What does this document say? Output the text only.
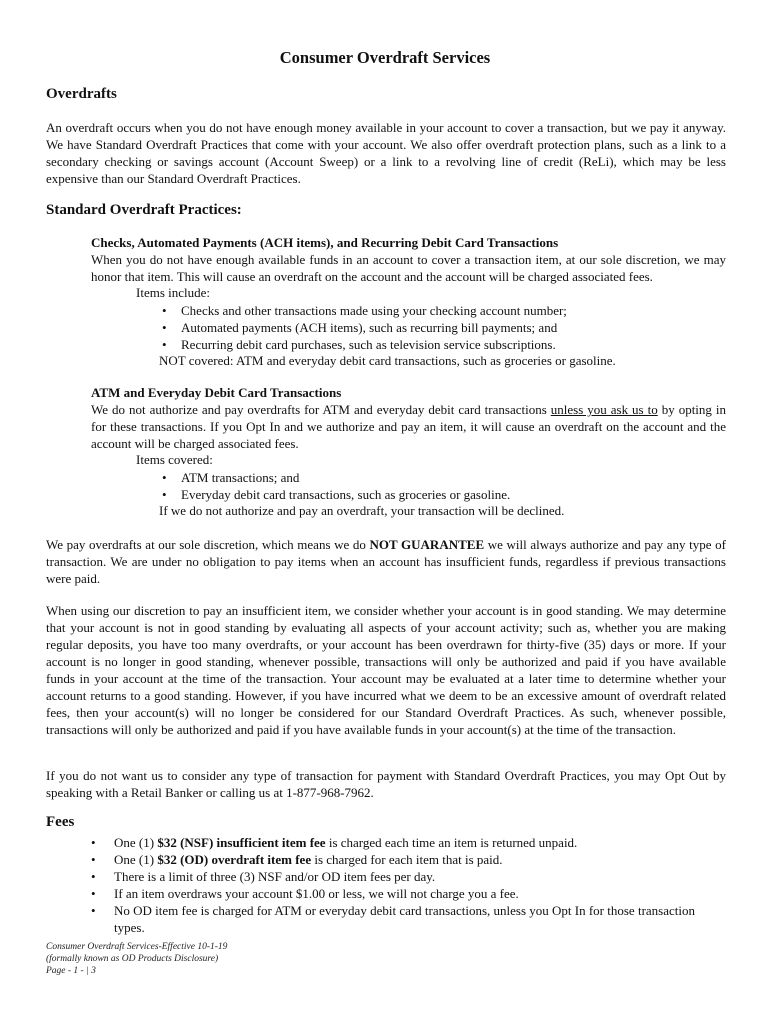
Consumer Overdraft Services
Overdrafts
An overdraft occurs when you do not have enough money available in your account to cover a transaction, but we pay it anyway. We have Standard Overdraft Practices that come with your account. We also offer overdraft protection plans, such as a link to a secondary checking or savings account (Account Sweep) or a link to a revolving line of credit (ReLi), which may be less expensive than our Standard Overdraft Practices.
Standard Overdraft Practices:
Checks, Automated Payments (ACH items), and Recurring Debit Card Transactions
When you do not have enough available funds in an account to cover a transaction item, at our sole discretion, we may honor that item. This will cause an overdraft on the account and the account will be charged associated fees.
Items include:
• Checks and other transactions made using your checking account number;
• Automated payments (ACH items), such as recurring bill payments; and
• Recurring debit card purchases, such as television service subscriptions.
NOT covered: ATM and everyday debit card transactions, such as groceries or gasoline.
ATM and Everyday Debit Card Transactions
We do not authorize and pay overdrafts for ATM and everyday debit card transactions unless you ask us to by opting in for these transactions. If you Opt In and we authorize and pay an item, it will cause an overdraft on the account and the account will be charged associated fees.
Items covered:
• ATM transactions; and
• Everyday debit card transactions, such as groceries or gasoline.
If we do not authorize and pay an overdraft, your transaction will be declined.
We pay overdrafts at our sole discretion, which means we do NOT GUARANTEE we will always authorize and pay any type of transaction. We are under no obligation to pay items when an account has insufficient funds, regardless if previous transactions were paid.
When using our discretion to pay an insufficient item, we consider whether your account is in good standing. We may determine that your account is not in good standing by evaluating all aspects of your account activity; such as, whether you are making regular deposits, you have too many overdrafts, or your account has been overdrawn for thirty-five (35) days or more. If your account is no longer in good standing, whenever possible, transactions will only be authorized and paid if you have available funds in your account at the time of the transaction. Your account may be evaluated at a later time to determine whether your account returns to a good standing. However, if you have incurred what we deem to be an excessive amount of overdraft related fees, then your account(s) will no longer be considered for our Standard Overdraft Practices. As such, whenever possible, transactions will only be authorized and paid if you have available funds in your account(s) at the time of the transaction.
If you do not want us to consider any type of transaction for payment with Standard Overdraft Practices, you may Opt Out by speaking with a Retail Banker or calling us at 1-877-968-7962.
Fees
• One (1) $32 (NSF) insufficient item fee is charged each time an item is returned unpaid.
• One (1) $32 (OD) overdraft item fee is charged for each item that is paid.
• There is a limit of three (3) NSF and/or OD item fees per day.
• If an item overdraws your account $1.00 or less, we will not charge you a fee.
• No OD item fee is charged for ATM or everyday debit card transactions, unless you Opt In for those transaction types.
Consumer Overdraft Services-Effective 10-1-19
(formally known as OD Products Disclosure)
Page - 1 - | 3
